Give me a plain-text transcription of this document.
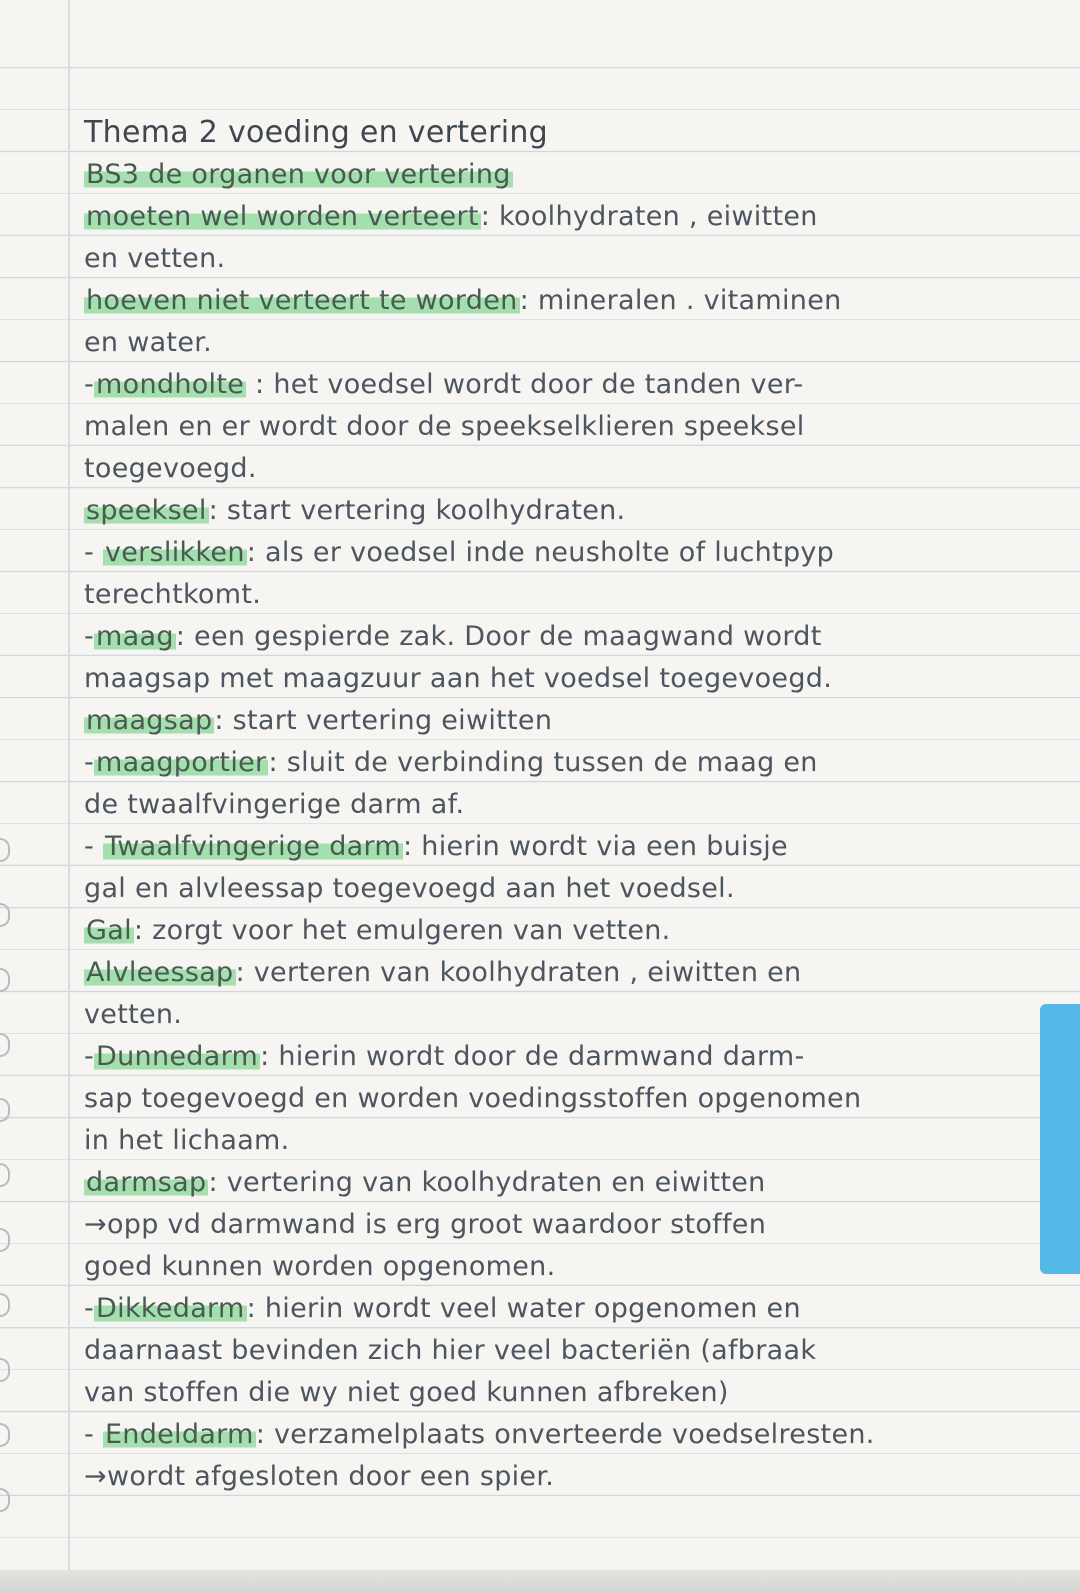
Thema 2 voeding en vertering
BS3 de organen voor vertering
moeten wel worden verteert: koolhydraten , eiwitten
en vetten.
hoeven niet verteert te worden: mineralen . vitaminen
en water.
-mondholte : het voedsel wordt door de tanden ver-
malen en er wordt door de speekselklieren speeksel
toegevoegd.
speeksel: start vertering koolhydraten.
- verslikken: als er voedsel inde neusholte of luchtpyp
terechtkomt.
-maag: een gespierde zak. Door de maagwand wordt
maagsap met maagzuur aan het voedsel toegevoegd.
maagsap: start vertering eiwitten
-maagportier: sluit de verbinding tussen de maag en
de twaalfvingerige darm af.
- Twaalfvingerige darm: hierin wordt via een buisje
gal en alvleessap toegevoegd aan het voedsel.
Gal: zorgt voor het emulgeren van vetten.
Alvleessap: verteren van koolhydraten , eiwitten en
vetten.
-Dunnedarm: hierin wordt door de darmwand darm-
sap toegevoegd en worden voedingsstoffen opgenomen
in het lichaam.
darmsap: vertering van koolhydraten en eiwitten
→opp vd darmwand is erg groot waardoor stoffen
goed kunnen worden opgenomen.
-Dikkedarm: hierin wordt veel water opgenomen en
daarnaast bevinden zich hier veel bacteriën (afbraak
van stoffen die wy niet goed kunnen afbreken)
- Endeldarm: verzamelplaats onverteerde voedselresten.
→wordt afgesloten door een spier.
